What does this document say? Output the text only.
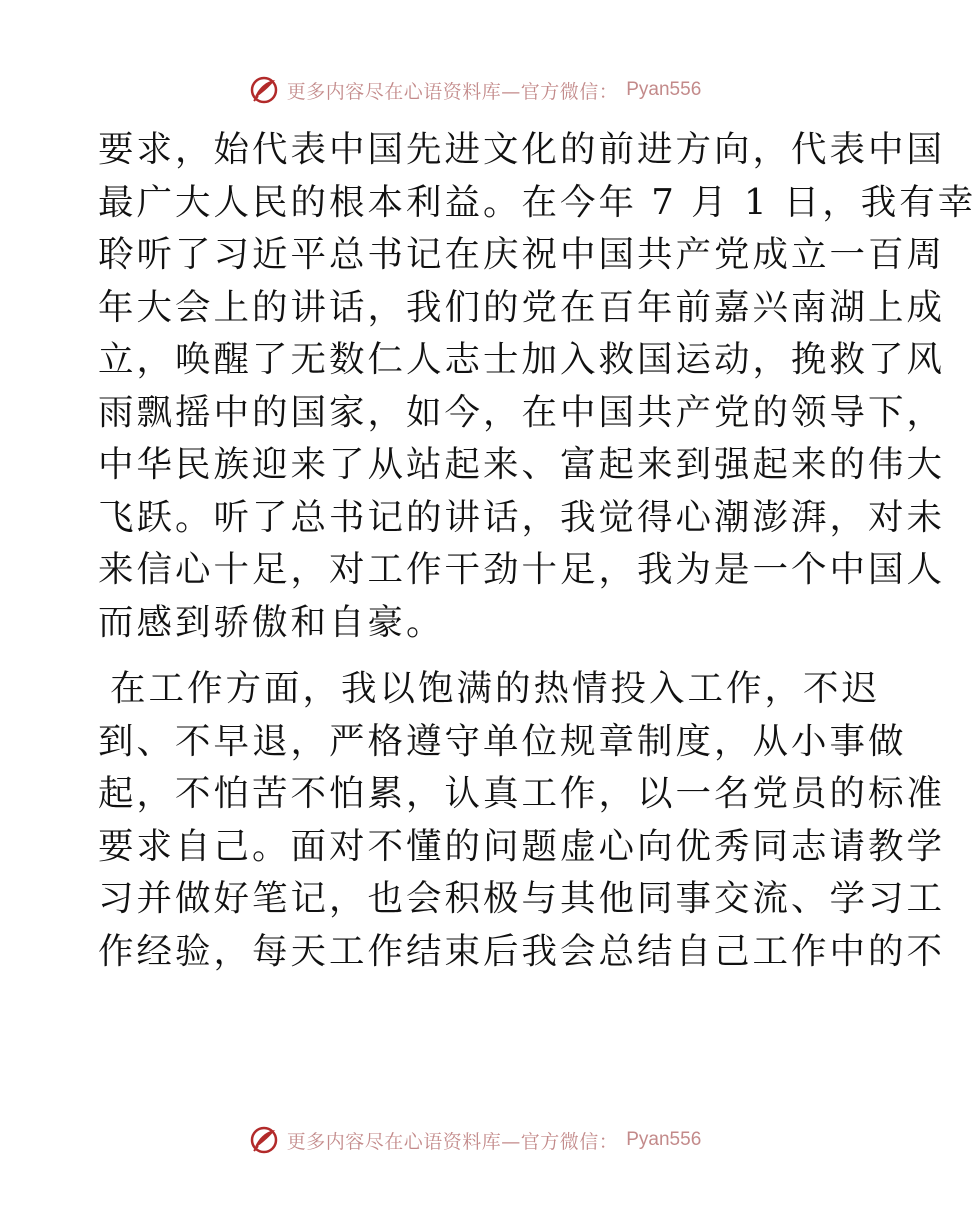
更多内容尽在心语资料库—官方微信： Pyan556
要求，始代表中国先进文化的前进方向，代表中国
最广大人民的根本利益。在今年 7 月 1 日，我有幸
聆听了习近平总书记在庆祝中国共产党成立一百周
年大会上的讲话，我们的党在百年前嘉兴南湖上成
立，唤醒了无数仁人志士加入救国运动，挽救了风
雨飘摇中的国家，如今，在中国共产党的领导下，
中华民族迎来了从站起来、富起来到强起来的伟大
飞跃。听了总书记的讲话，我觉得心潮澎湃，对未
来信心十足，对工作干劲十足，我为是一个中国人
而感到骄傲和自豪。
在工作方面，我以饱满的热情投入工作，不迟
到、不早退，严格遵守单位规章制度，从小事做
起，不怕苦不怕累，认真工作，以一名党员的标准
要求自己。面对不懂的问题虚心向优秀同志请教学
习并做好笔记，也会积极与其他同事交流、学习工
作经验，每天工作结束后我会总结自己工作中的不
更多内容尽在心语资料库—官方微信： Pyan556
